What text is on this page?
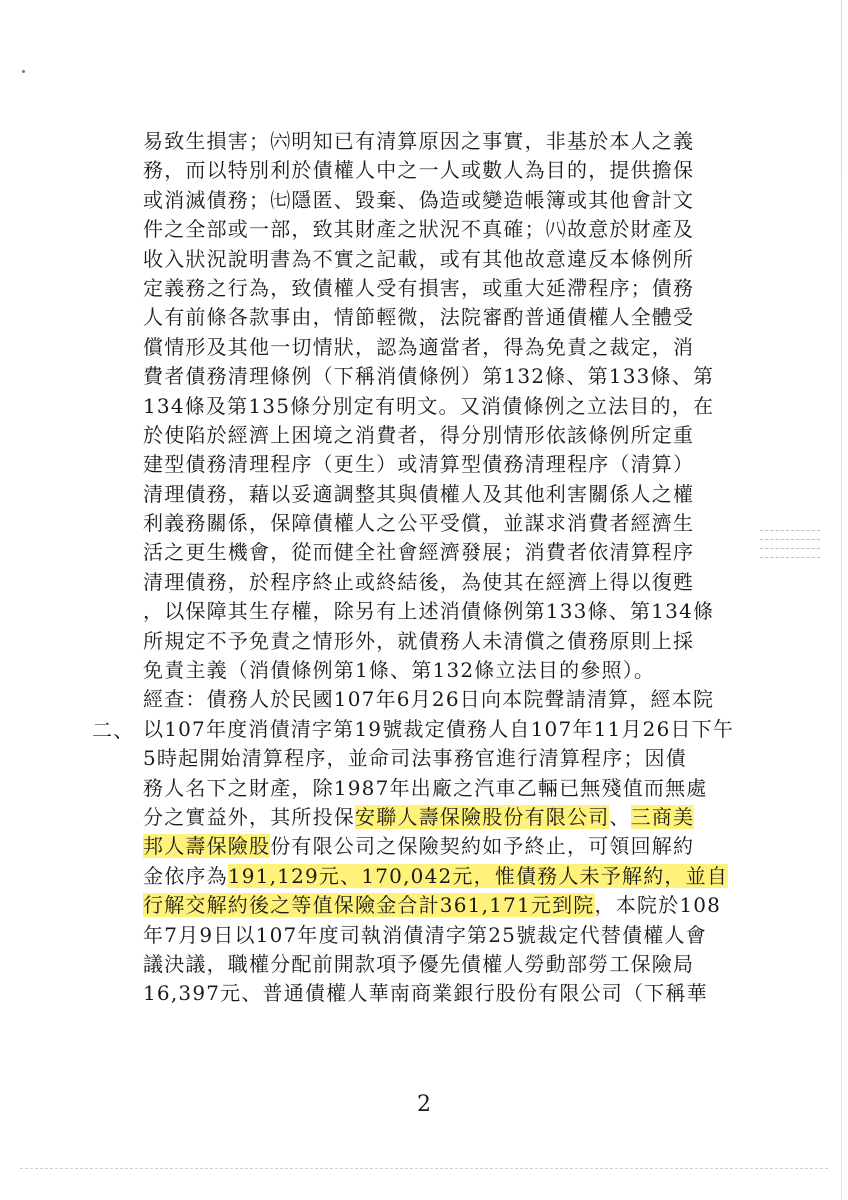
易致生損害；㈥明知已有清算原因之事實，非基於本人之義
務，而以特別利於債權人中之一人或數人為目的，提供擔保
或消滅債務；㈦隱匿、毀棄、偽造或變造帳簿或其他會計文
件之全部或一部，致其財產之狀況不真確；㈧故意於財產及
收入狀況說明書為不實之記載，或有其他故意違反本條例所
定義務之行為，致債權人受有損害，或重大延滯程序；債務
人有前條各款事由，情節輕微，法院審酌普通債權人全體受
償情形及其他一切情狀，認為適當者，得為免責之裁定，消
費者債務清理條例（下稱消債條例）第132條、第133條、第
134條及第135條分別定有明文。又消債條例之立法目的，在
於使陷於經濟上困境之消費者，得分別情形依該條例所定重
建型債務清理程序（更生）或清算型債務清理程序（清算）
清理債務，藉以妥適調整其與債權人及其他利害關係人之權
利義務關係，保障債權人之公平受償，並謀求消費者經濟生
活之更生機會，從而健全社會經濟發展；消費者依清算程序
清理債務，於程序終止或終結後，為使其在經濟上得以復甦
，以保障其生存權，除另有上述消債條例第133條、第134條
所規定不予免責之情形外，就債務人未清償之債務原則上採
免責主義（消債條例第1條、第132條立法目的參照）。
經查：債務人於民國107年6月26日向本院聲請清算，經本院
以107年度消債清字第19號裁定債務人自107年11月26日下午
5時起開始清算程序，並命司法事務官進行清算程序；因債
務人名下之財產，除1987年出廠之汽車乙輛已無殘值而無處
分之實益外，其所投保安聯人壽保險股份有限公司、三商美
邦人壽保險股份有限公司之保險契約如予終止，可領回解約
金依序為191,129元、170,042元，惟債務人未予解約，並自
行解交解約後之等值保險金合計361,171元到院，本院於108
年7月9日以107年度司執消債清字第25號裁定代替債權人會
議決議，職權分配前開款項予優先債權人勞動部勞工保險局
16,397元、普通債權人華南商業銀行股份有限公司（下稱華
二、
2
